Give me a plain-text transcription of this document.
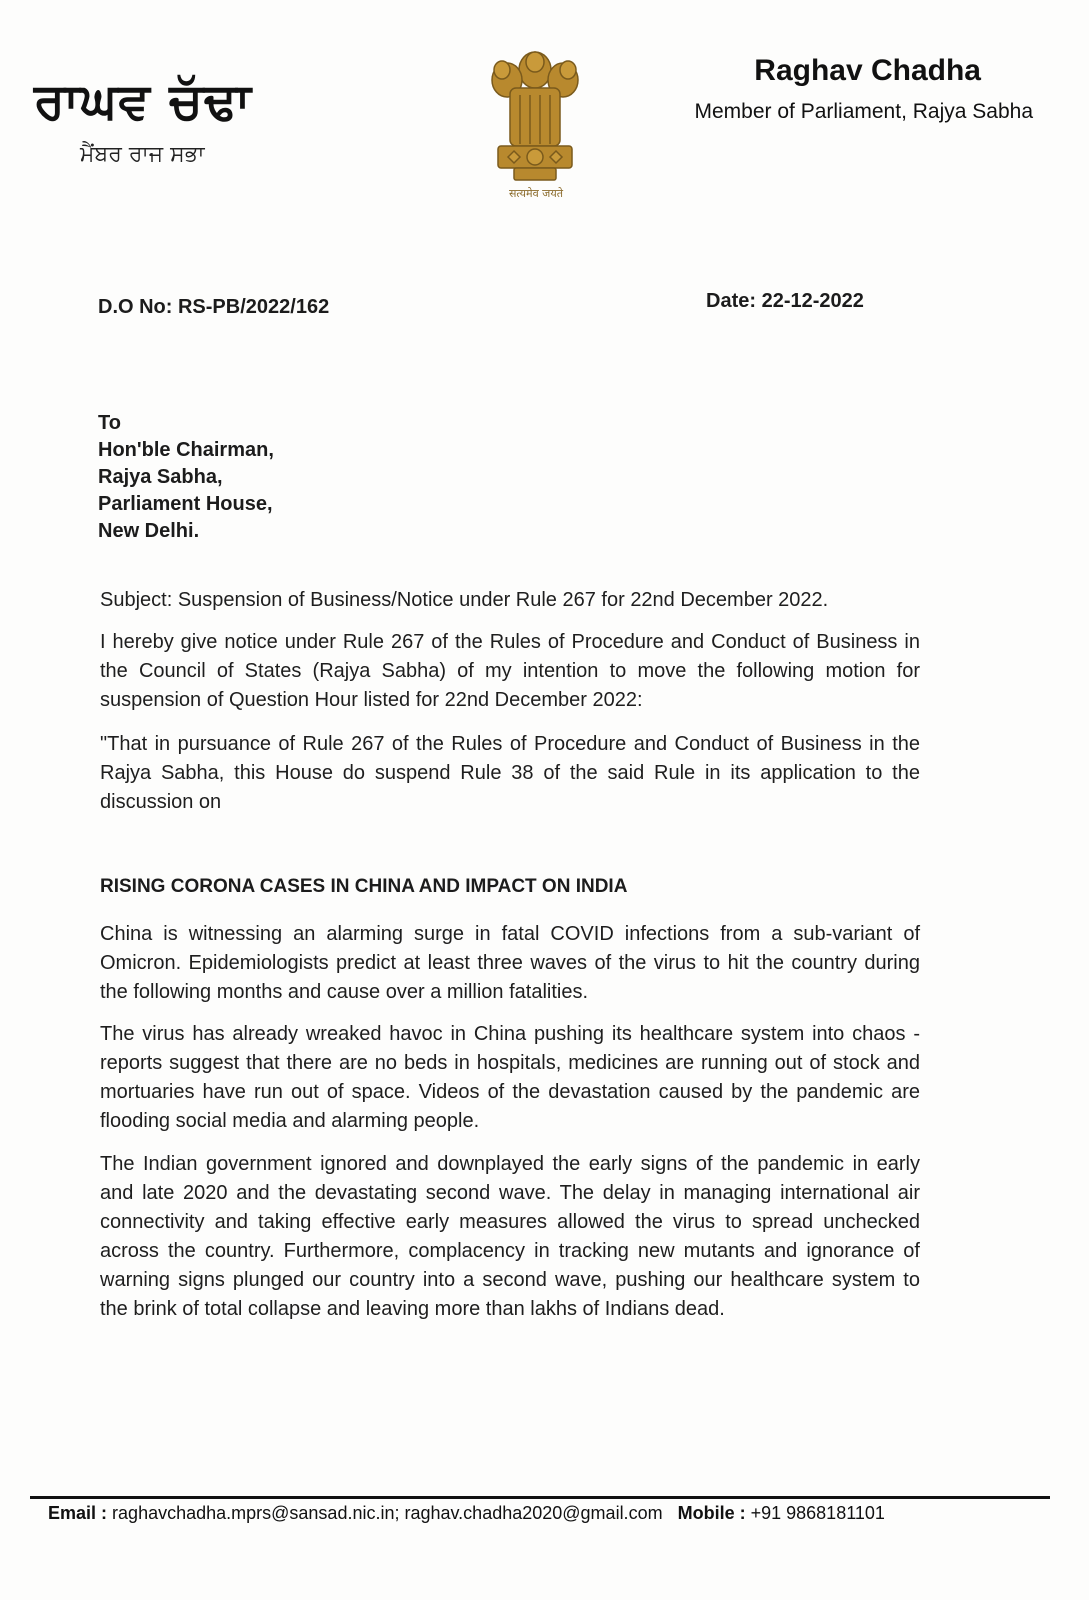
ਰਾਘਵ ਚੱਢਾ
ਮੈਂਬਰ ਰਾਜ ਸਭਾ
सत्यमेव जयते
Raghav Chadha
Member of Parliament, Rajya Sabha
D.O No: RS-PB/2022/162	Date: 22-12-2022
To
Hon'ble Chairman,
Rajya Sabha,
Parliament House,
New Delhi.
Subject: Suspension of Business/Notice under Rule 267 for 22nd December 2022.
I hereby give notice under Rule 267 of the Rules of Procedure and Conduct of Business in the Council of States (Rajya Sabha) of my intention to move the following motion for suspension of Question Hour listed for 22nd December 2022:
"That in pursuance of Rule 267 of the Rules of Procedure and Conduct of Business in the Rajya Sabha, this House do suspend Rule 38 of the said Rule in its application to the discussion on
RISING CORONA CASES IN CHINA AND IMPACT ON INDIA
China is witnessing an alarming surge in fatal COVID infections from a sub-variant of Omicron. Epidemiologists predict at least three waves of the virus to hit the country during the following months and cause over a million fatalities.
The virus has already wreaked havoc in China pushing its healthcare system into chaos - reports suggest that there are no beds in hospitals, medicines are running out of stock and mortuaries have run out of space. Videos of the devastation caused by the pandemic are flooding social media and alarming people.
The Indian government ignored and downplayed the early signs of the pandemic in early and late 2020 and the devastating second wave. The delay in managing international air connectivity and taking effective early measures allowed the virus to spread unchecked across the country. Furthermore, complacency in tracking new mutants and ignorance of warning signs plunged our country into a second wave, pushing our healthcare system to the brink of total collapse and leaving more than lakhs of Indians dead.
Email : raghavchadha.mprs@sansad.nic.in; raghav.chadha2020@gmail.com Mobile : +91 9868181101
